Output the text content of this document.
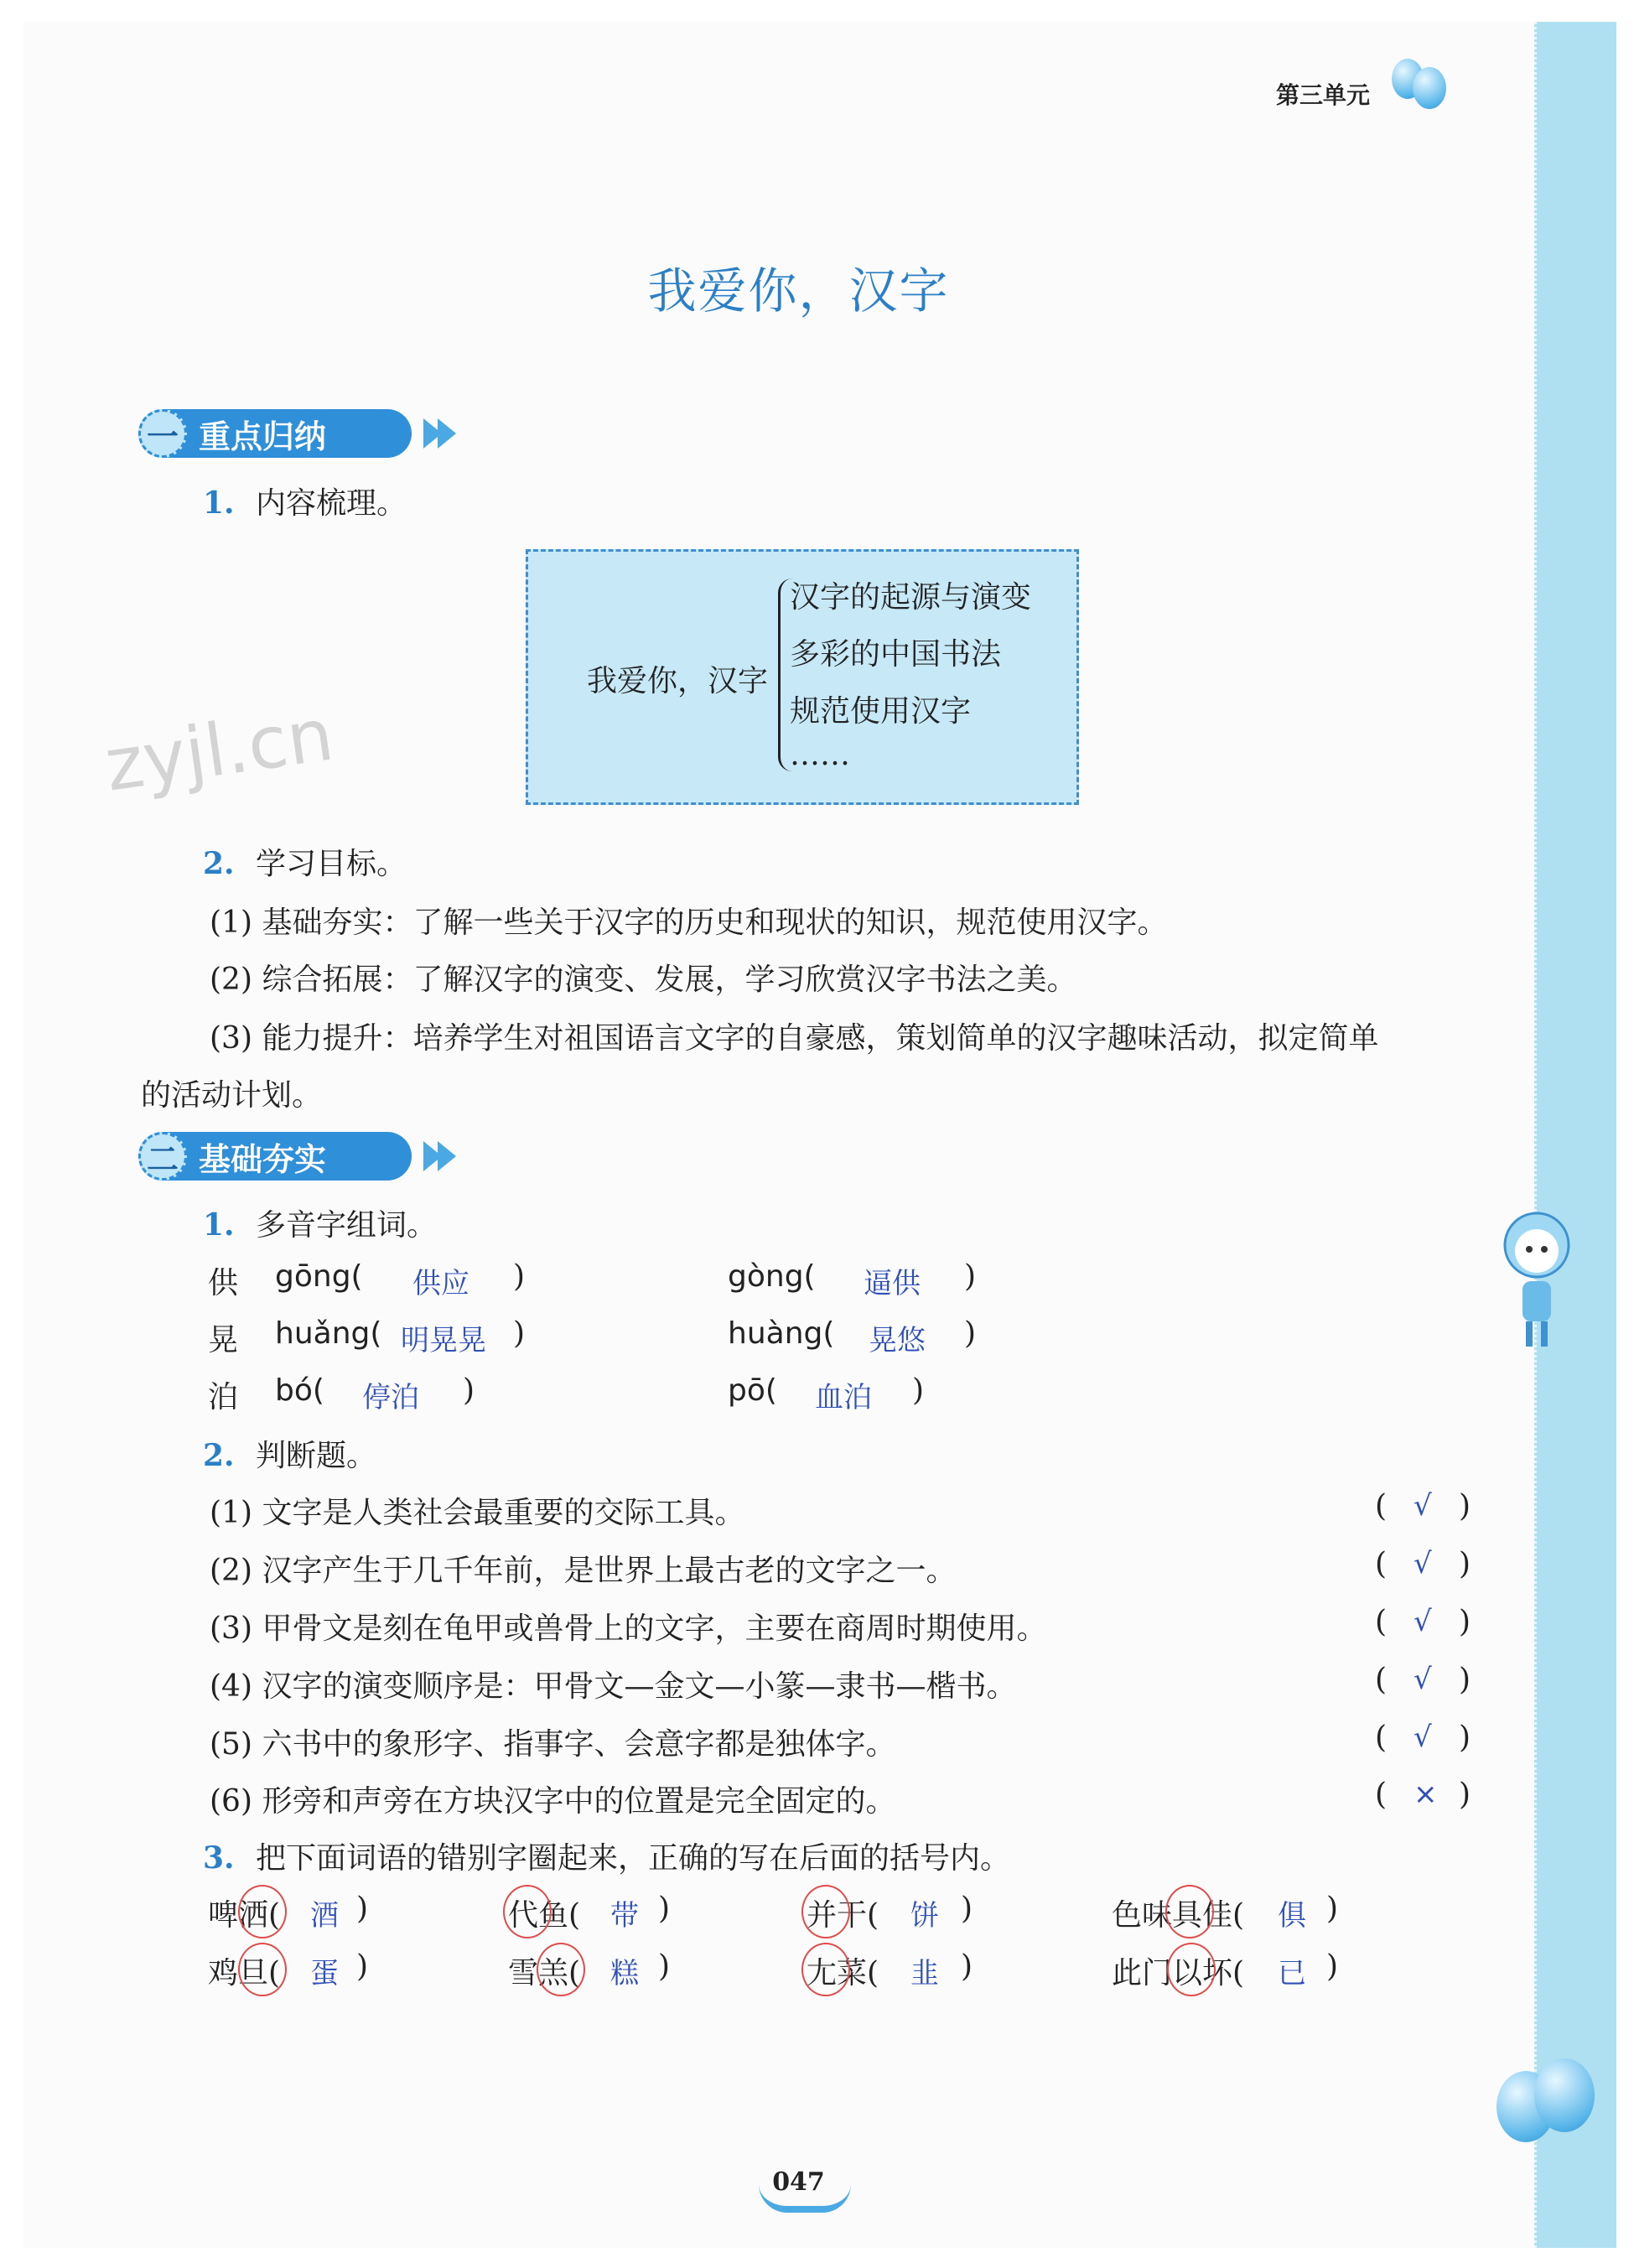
第三单元
我爱你，汉字
一 重点归纳
1. 内容梳理。
我爱你，汉字
汉字的起源与演变
多彩的中国书法
规范使用汉字
……
zyjl.cn
2. 学习目标。
(1) 基础夯实：了解一些关于汉字的历史和现状的知识，规范使用汉字。
(2) 综合拓展：了解汉字的演变、发展，学习欣赏汉字书法之美。
(3) 能力提升：培养学生对祖国语言文字的自豪感，策划简单的汉字趣味活动，拟定简单
的活动计划。
二 基础夯实
1. 多音字组词。
供 gōng( 供应 )	gòng( 逼供 )
晃 huǎng( 明晃晃 )	huàng( 晃悠 )
泊 bó( 停泊 )	pō( 血泊 )
2. 判断题。
(1) 文字是人类社会最重要的交际工具。	( √ )
(2) 汉字产生于几千年前，是世界上最古老的文字之一。	( √ )
(3) 甲骨文是刻在龟甲或兽骨上的文字，主要在商周时期使用。	( √ )
(4) 汉字的演变顺序是：甲骨文—金文—小篆—隶书—楷书。	( √ )
(5) 六书中的象形字、指事字、会意字都是独体字。	( √ )
(6) 形旁和声旁在方块汉字中的位置是完全固定的。	( × )
3. 把下面词语的错别字圈起来，正确的写在后面的括号内。
啤洒( 酒 )	代鱼( 带 )	并干( 饼 )	色味具佳( 俱 )
鸡旦( 蛋 )	雪羔( 糕 )	尢菜( 韭 )	此门以坏( 已 )
047
